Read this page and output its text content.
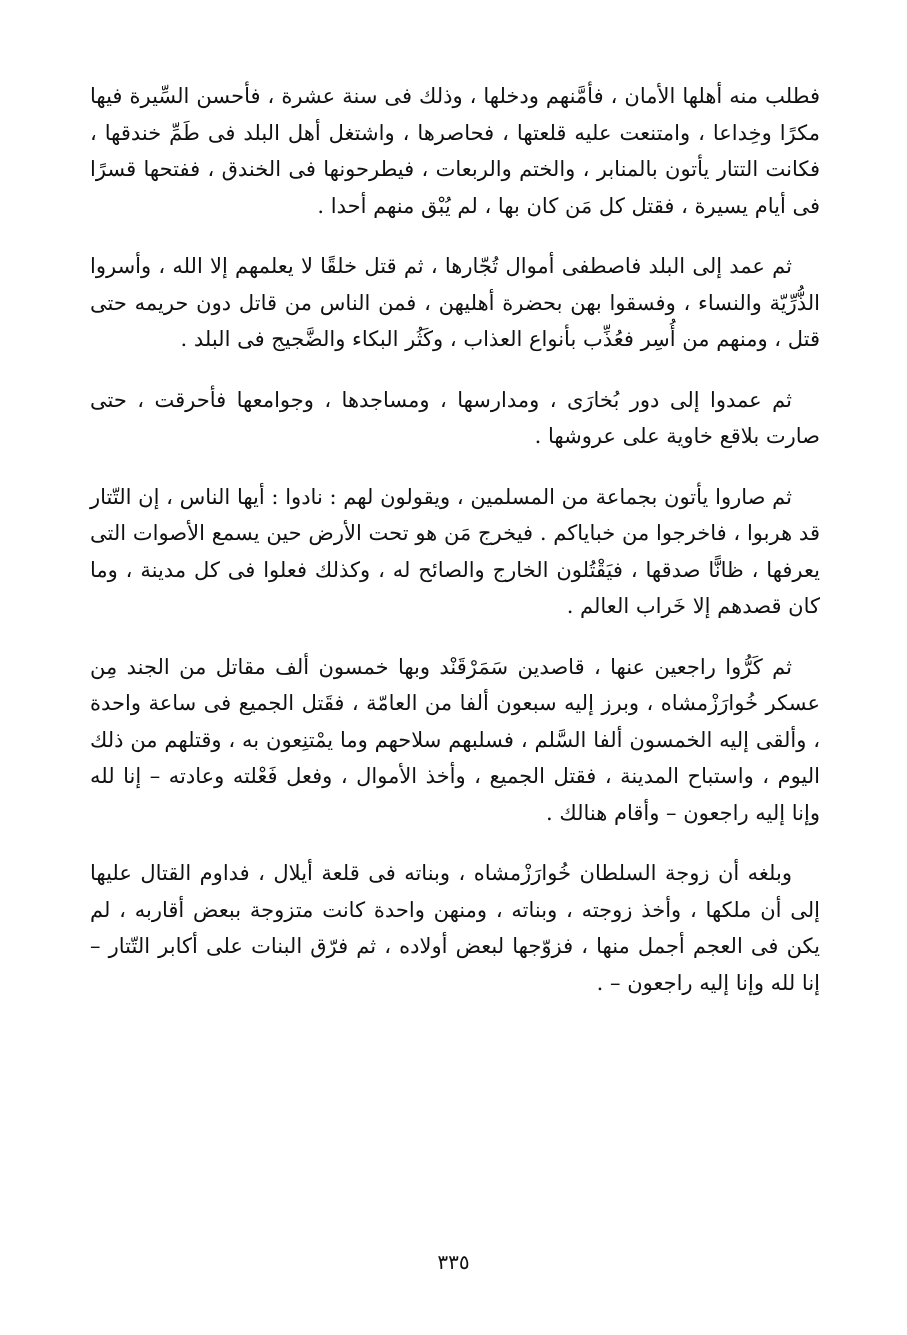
فطلب منه أهلها الأمان ، فأمَّنهم ودخلها ، وذلك فى سنة عشرة ، فأحسن السِّيرة فيها مكرًا وخِداعا ، وامتنعت عليه قلعتها ، فحاصرها ، واشتغل أهل البلد فى طَمِّ خندقها ، فكانت التتار يأتون بالمنابر ، والختم والربعات ، فيطرحونها فى الخندق ، ففتحها قسرًا فى أيام يسيرة ، فقتل كل مَن كان بها ، لم يُبْق منهم أحدا .

ثم عمد إلى البلد فاصطفى أموال تُجّارها ، ثم قتل خلقًا لا يعلمهم إلا الله ، وأسروا الذُّرِّيّة والنساء ، وفسقوا بهن بحضرة أهليهن ، فمن الناس من قاتل دون حريمه حتى قتل ، ومنهم من أُسِر فعُذِّب بأنواع العذاب ، وكَثُر البكاء والضَّجيج فى البلد .

ثم عمدوا إلى دور بُخارَى ، ومدارسها ، ومساجدها ، وجوامعها فأحرقت ، حتى صارت بلاقع خاوية على عروشها .

ثم صاروا يأتون بجماعة من المسلمين ، ويقولون لهم : نادوا : أيها الناس ، إن التّتار قد هربوا ، فاخرجوا من خباياكم . فيخرج مَن هو تحت الأرض حين يسمع الأصوات التى يعرفها ، ظانًّا صدقها ، فيَقْتُلون الخارج والصائح له ، وكذلك فعلوا فى كل مدينة ، وما كان قصدهم إلا خَراب العالم .

ثم كَرُّوا راجعين عنها ، قاصدين سَمَرْقَنْد وبها خمسون ألف مقاتل من الجند مِن عسكر خُوارَزْمشاه ، وبرز إليه سبعون ألفا من العامّة ، فقَتل الجميع فى ساعة واحدة ، وألقى إليه الخمسون ألفا السَّلم ، فسلبهم سلاحهم وما يمْتنِعون به ، وقتلهم من ذلك اليوم ، واستباح المدينة ، فقتل الجميع ، وأخذ الأموال ، وفعل فَعْلته وعادته – إنا لله وإنا إليه راجعون – وأقام هنالك .

وبلغه أن زوجة السلطان خُوارَزْمشاه ، وبناته فى قلعة أيلال ، فداوم القتال عليها إلى أن ملكها ، وأخذ زوجته ، وبناته ، ومنهن واحدة كانت متزوجة ببعض أقاربه ، لم يكن فى العجم أجمل منها ، فزوّجها لبعض أولاده ، ثم فرّق البنات على أكابر التّتار – إنا لله وإنا إليه راجعون – .

٣٣٥
